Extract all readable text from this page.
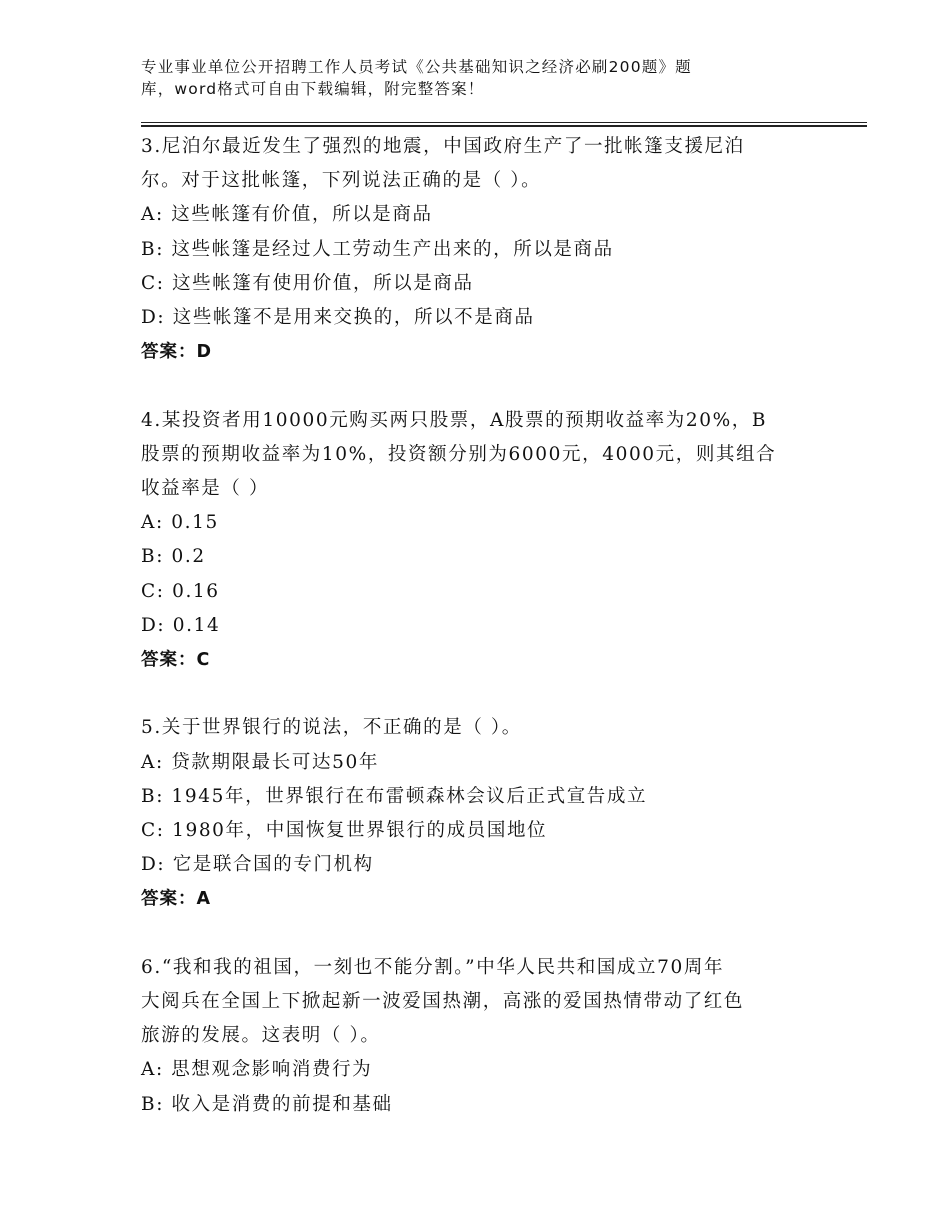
专业事业单位公开招聘工作人员考试《公共基础知识之经济必刷200题》题
库，word格式可自由下载编辑，附完整答案！
3.尼泊尔最近发生了强烈的地震，中国政府生产了一批帐篷支援尼泊
尔。对于这批帐篷，下列说法正确的是（ ）。
A: 这些帐篷有价值，所以是商品
B: 这些帐篷是经过人工劳动生产出来的，所以是商品
C: 这些帐篷有使用价值，所以是商品
D: 这些帐篷不是用来交换的，所以不是商品
答案：D
4.某投资者用10000元购买两只股票，A股票的预期收益率为20%，B
股票的预期收益率为10%，投资额分别为6000元，4000元，则其组合
收益率是（ ）
A: 0.15
B: 0.2
C: 0.16
D: 0.14
答案：C
5.关于世界银行的说法，不正确的是（ ）。
A: 贷款期限最长可达50年
B: 1945年，世界银行在布雷顿森林会议后正式宣告成立
C: 1980年，中国恢复世界银行的成员国地位
D: 它是联合国的专门机构
答案：A
6.“我和我的祖国，一刻也不能分割。”中华人民共和国成立70周年
大阅兵在全国上下掀起新一波爱国热潮，高涨的爱国热情带动了红色
旅游的发展。这表明（ ）。
A: 思想观念影响消费行为
B: 收入是消费的前提和基础
